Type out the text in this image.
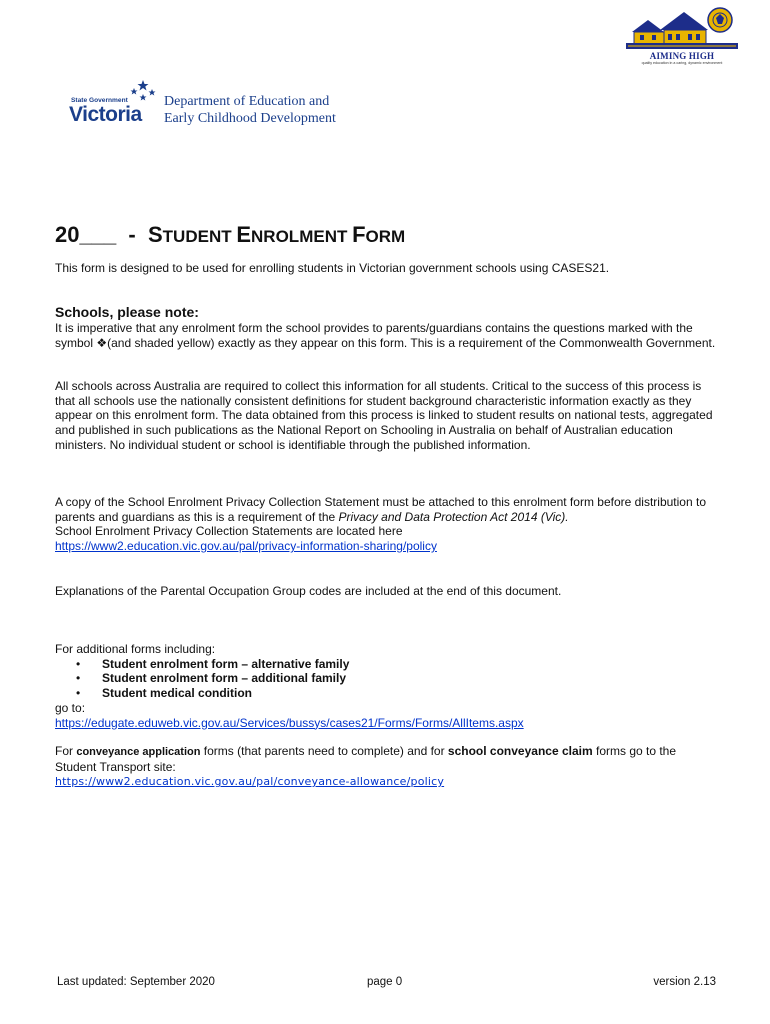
AIMING HIGH
quality education in a caring, dynamic environment
State Government
Victoria
Department of Education and
Early Childhood Development
20___ - STUDENT ENROLMENT FORM
This form is designed to be used for enrolling students in Victorian government schools using CASES21.
Schools, please note:

It is imperative that any enrolment form the school provides to parents/guardians contains the questions marked with the symbol ❖(and shaded yellow) exactly as they appear on this form. This is a requirement of the Commonwealth Government.

All schools across Australia are required to collect this information for all students. Critical to the success of this process is that all schools use the nationally consistent definitions for student background characteristic information exactly as they appear on this enrolment form. The data obtained from this process is linked to student results on national tests, aggregated and published in such publications as the National Report on Schooling in Australia on behalf of Australian education ministers. No individual student or school is identifiable through the published information.

A copy of the School Enrolment Privacy Collection Statement must be attached to this enrolment form before distribution to parents and guardians as this is a requirement of the Privacy and Data Protection Act 2014 (Vic).
School Enrolment Privacy Collection Statements are located here
https://www2.education.vic.gov.au/pal/privacy-information-sharing/policy

Explanations of the Parental Occupation Group codes are included at the end of this document.

For additional forms including:
• Student enrolment form – alternative family
• Student enrolment form – additional family
• Student medical condition
go to:
https://edugate.eduweb.vic.gov.au/Services/bussys/cases21/Forms/Forms/AllItems.aspx

For conveyance application forms (that parents need to complete) and for school conveyance claim forms go to the Student Transport site:
https://www2.education.vic.gov.au/pal/conveyance-allowance/policy

Last updated: September 2020	page 0	version 2.13
